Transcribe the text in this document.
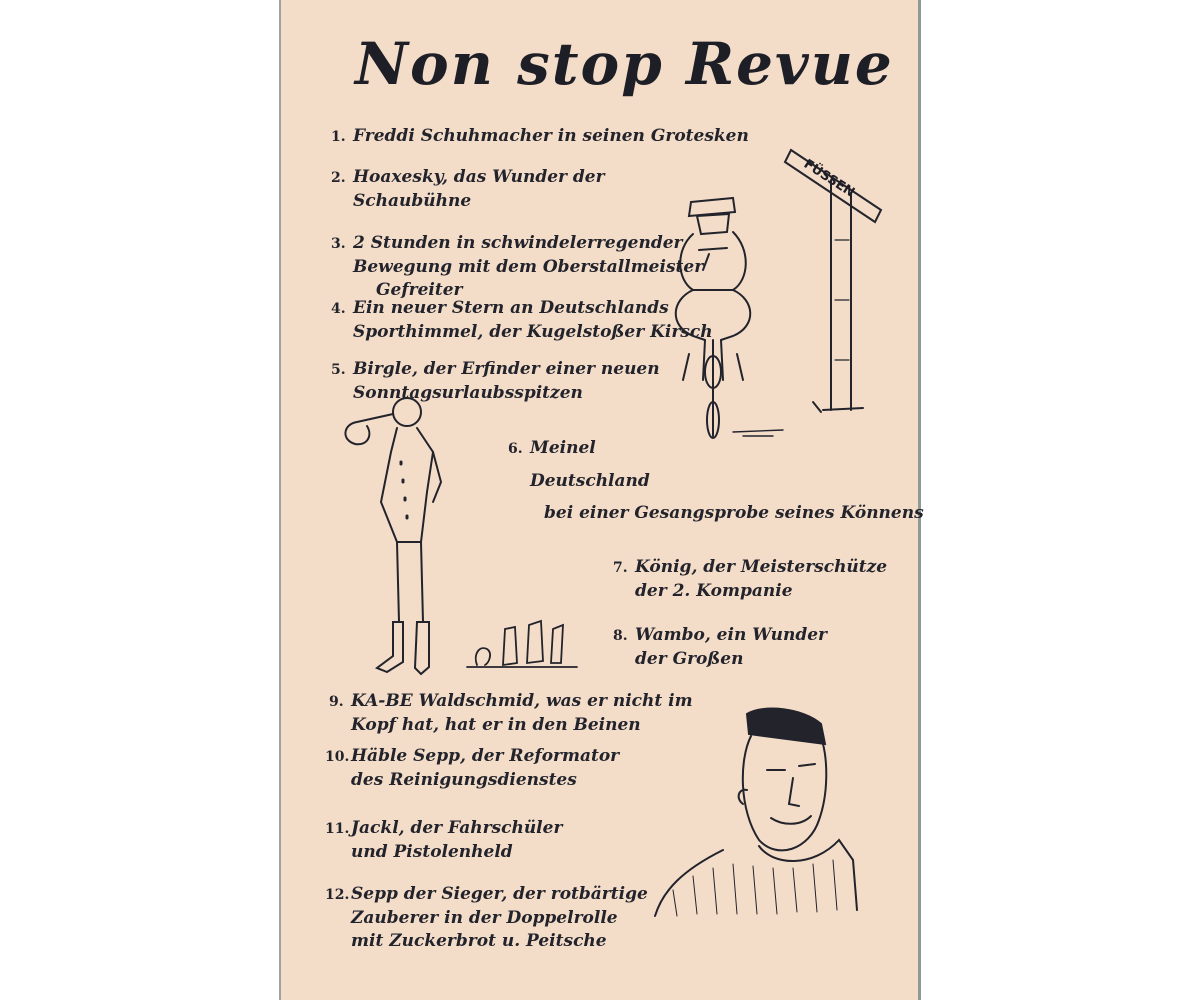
Non stop Revue
1. Freddi Schuhmacher in seinen Grotesken
2. Hoaxesky, das Wunder der
Schaubühne
3. 2 Stunden in schwindelerregender
Bewegung mit dem Oberstallmeister
Gefreiter
4. Ein neuer Stern an Deutschlands
Sporthimmel, der Kugelstoßer Kirsch
5. Birgle, der Erfinder einer neuen
Sonntagsurlaubsspitzen
6. Meinel
Deutschland
bei einer Gesangsprobe seines Könnens
7. König, der Meisterschütze
der 2. Kompanie
8. Wambo, ein Wunder
der Großen
9. KA-BE Waldschmid, was er nicht im
Kopf hat, hat er in den Beinen
10.Häble Sepp, der Reformator
des Reinigungsdienstes
11.Jackl, der Fahrschüler
und Pistolenheld
12.Sepp der Sieger, der rotbärtige
Zauberer in der Doppelrolle
mit Zuckerbrot u. Peitsche
FÜSSEN
